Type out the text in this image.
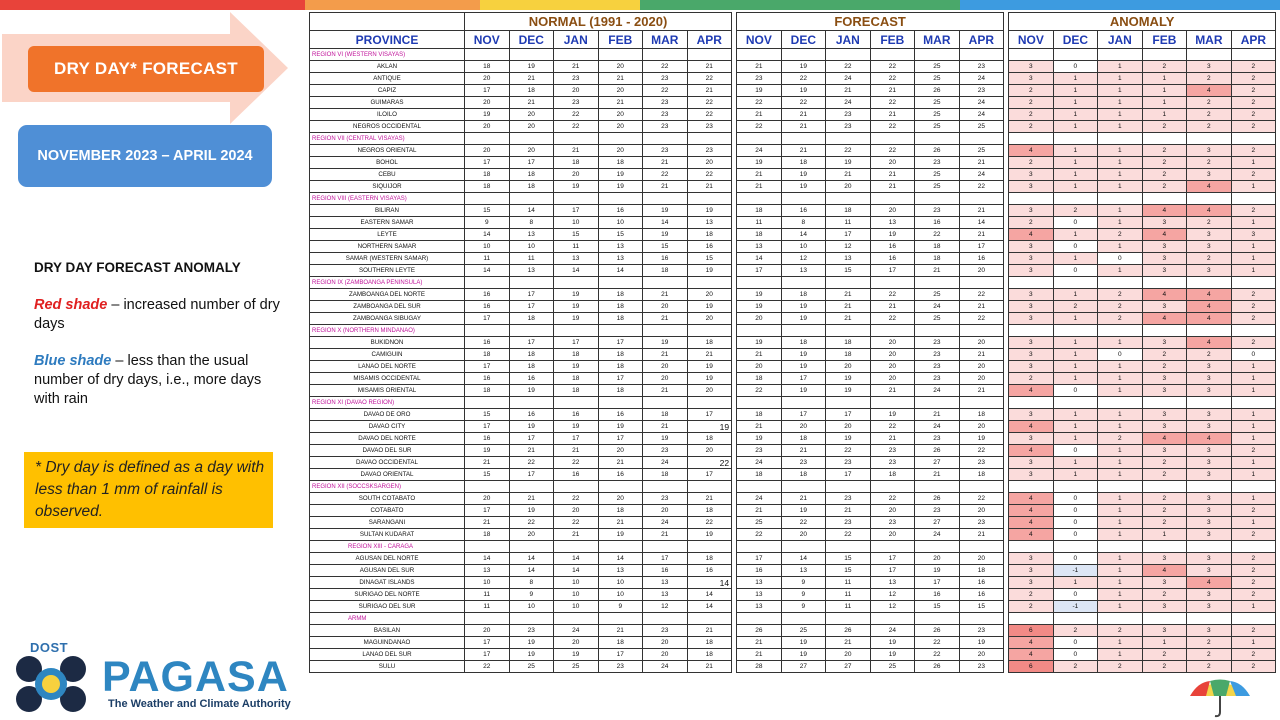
DRY DAY* FORECAST
NOVEMBER 2023 – APRIL 2024
DRY DAY FORECAST ANOMALY

Red shade – increased number of dry days

Blue shade – less than the usual number of dry days, i.e., more days with rain

* Dry day is defined as a day with less than 1 mm of rainfall is observed.
DOST
PAGASA
The Weather and Climate Authority
	NORMAL (1991 - 2020)							FORECAST							ANOMALY					
PROVINCE	NOV	DEC	JAN	FEB	MAR	APR		NOV	DEC	JAN	FEB	MAR	APR		NOV	DEC	JAN	FEB	MAR	APR
REGION VI (WESTERN VISAYAS)																				
AKLAN	18	19	21	20	22	21		21	19	22	22	25	23		3	0	1	2	3	2
ANTIQUE	20	21	23	21	23	22		23	22	24	22	25	24		3	1	1	1	2	2
CAPIZ	17	18	20	20	22	21		19	19	21	21	26	23		2	1	1	1	4	2
GUIMARAS	20	21	23	21	23	22		22	22	24	22	25	24		2	1	1	1	2	2
ILOILO	19	20	22	20	23	22		21	21	23	21	25	24		2	1	1	1	2	2
NEGROS OCCIDENTAL	20	20	22	20	23	23		22	21	23	22	25	25		2	1	1	2	2	2
REGION VII (CENTRAL VISAYAS)																				
NEGROS ORIENTAL	20	20	21	20	23	23		24	21	22	22	26	25		4	1	1	2	3	2
BOHOL	17	17	18	18	21	20		19	18	19	20	23	21		2	1	1	2	2	1
CEBU	18	18	20	19	22	22		21	19	21	21	25	24		3	1	1	2	3	2
SIQUIJOR	18	18	19	19	21	21		21	19	20	21	25	22		3	1	1	2	4	1
REGION VIII (EASTERN VISAYAS)																				
BILIRAN	15	14	17	16	19	19		18	16	18	20	23	21		3	2	1	4	4	2
EASTERN SAMAR	9	8	10	10	14	13		11	8	11	13	16	14		2	0	1	3	2	1
LEYTE	14	13	15	15	19	18		18	14	17	19	22	21		4	1	2	4	3	3
NORTHERN SAMAR	10	10	11	13	15	16		13	10	12	16	18	17		3	0	1	3	3	1
SAMAR (WESTERN SAMAR)	11	11	13	13	16	15		14	12	13	16	18	16		3	1	0	3	2	1
SOUTHERN LEYTE	14	13	14	14	18	19		17	13	15	17	21	20		3	0	1	3	3	1
REGION IX (ZAMBOANGA PENINSULA)																				
ZAMBOANGA DEL NORTE	16	17	19	18	21	20		19	18	21	22	25	22		3	1	2	4	4	2
ZAMBOANGA DEL SUR	16	17	19	18	20	19		19	19	21	21	24	21		3	2	2	3	4	2
ZAMBOANGA SIBUGAY	17	18	19	18	21	20		20	19	21	22	25	22		3	1	2	4	4	2
REGION X (NORTHERN MINDANAO)																				
BUKIDNON	16	17	17	17	19	18		19	18	18	20	23	20		3	1	1	3	4	2
CAMIGUIN	18	18	18	18	21	21		21	19	18	20	23	21		3	1	0	2	2	0
LANAO DEL NORTE	17	18	19	18	20	19		20	19	20	20	23	20		3	1	1	2	3	1
MISAMIS OCCIDENTAL	16	16	18	17	20	19		18	17	19	20	23	20		2	1	1	3	3	1
MISAMIS ORIENTAL	18	19	18	18	21	20		22	19	19	21	24	21		4	0	1	3	3	1
REGION XI (DAVAO REGION)																				
DAVAO DE ORO	15	16	16	16	18	17		18	17	17	19	21	18		3	1	1	3	3	1
DAVAO CITY	17	19	19	19	21	19		21	20	20	22	24	20		4	1	1	3	3	1
DAVAO DEL NORTE	16	17	17	17	19	18		19	18	19	21	23	19		3	1	2	4	4	1
DAVAO DEL SUR	19	21	21	20	23	20		23	21	22	23	26	22		4	0	1	3	3	2
DAVAO OCCIDENTAL	21	22	22	21	24	22		24	23	23	23	27	23		3	1	1	2	3	1
DAVAO ORIENTAL	15	17	16	16	18	17		18	18	17	18	21	18		3	1	1	2	3	1
REGION XII (SOCCSKSARGEN)																				
SOUTH COTABATO	20	21	22	20	23	21		24	21	23	22	26	22		4	0	1	2	3	1
COTABATO	17	19	20	18	20	18		21	19	21	20	23	20		4	0	1	2	3	2
SARANGANI	21	22	22	21	24	22		25	22	23	23	27	23		4	0	1	2	3	1
SULTAN KUDARAT	18	20	21	19	21	19		22	20	22	20	24	21		4	0	1	1	3	2
REGION XIII - CARAGA																				
AGUSAN DEL NORTE	14	14	14	14	17	18		17	14	15	17	20	20		3	0	1	3	3	2
AGUSAN DEL SUR	13	14	14	13	16	16		16	13	15	17	19	18		3	-1	1	4	3	2
DINAGAT ISLANDS	10	8	10	10	13	14		13	9	11	13	17	16		3	1	1	3	4	2
SURIGAO DEL NORTE	11	9	10	10	13	14		13	9	11	12	16	16		2	0	1	2	3	2
SURIGAO DEL SUR	11	10	10	9	12	14		13	9	11	12	15	15		2	-1	1	3	3	1
ARMM																				
BASILAN	20	23	24	21	23	21		26	25	26	24	26	23		6	2	2	3	3	2
MAGUINDANAO	17	19	20	18	20	18		21	19	21	19	22	19		4	0	1	1	2	1
LANAO DEL SUR	17	19	19	17	20	18		21	19	20	19	22	20		4	0	1	2	2	2
SULU	22	25	25	23	24	21		28	27	27	25	26	23		6	2	2	2	2	2
